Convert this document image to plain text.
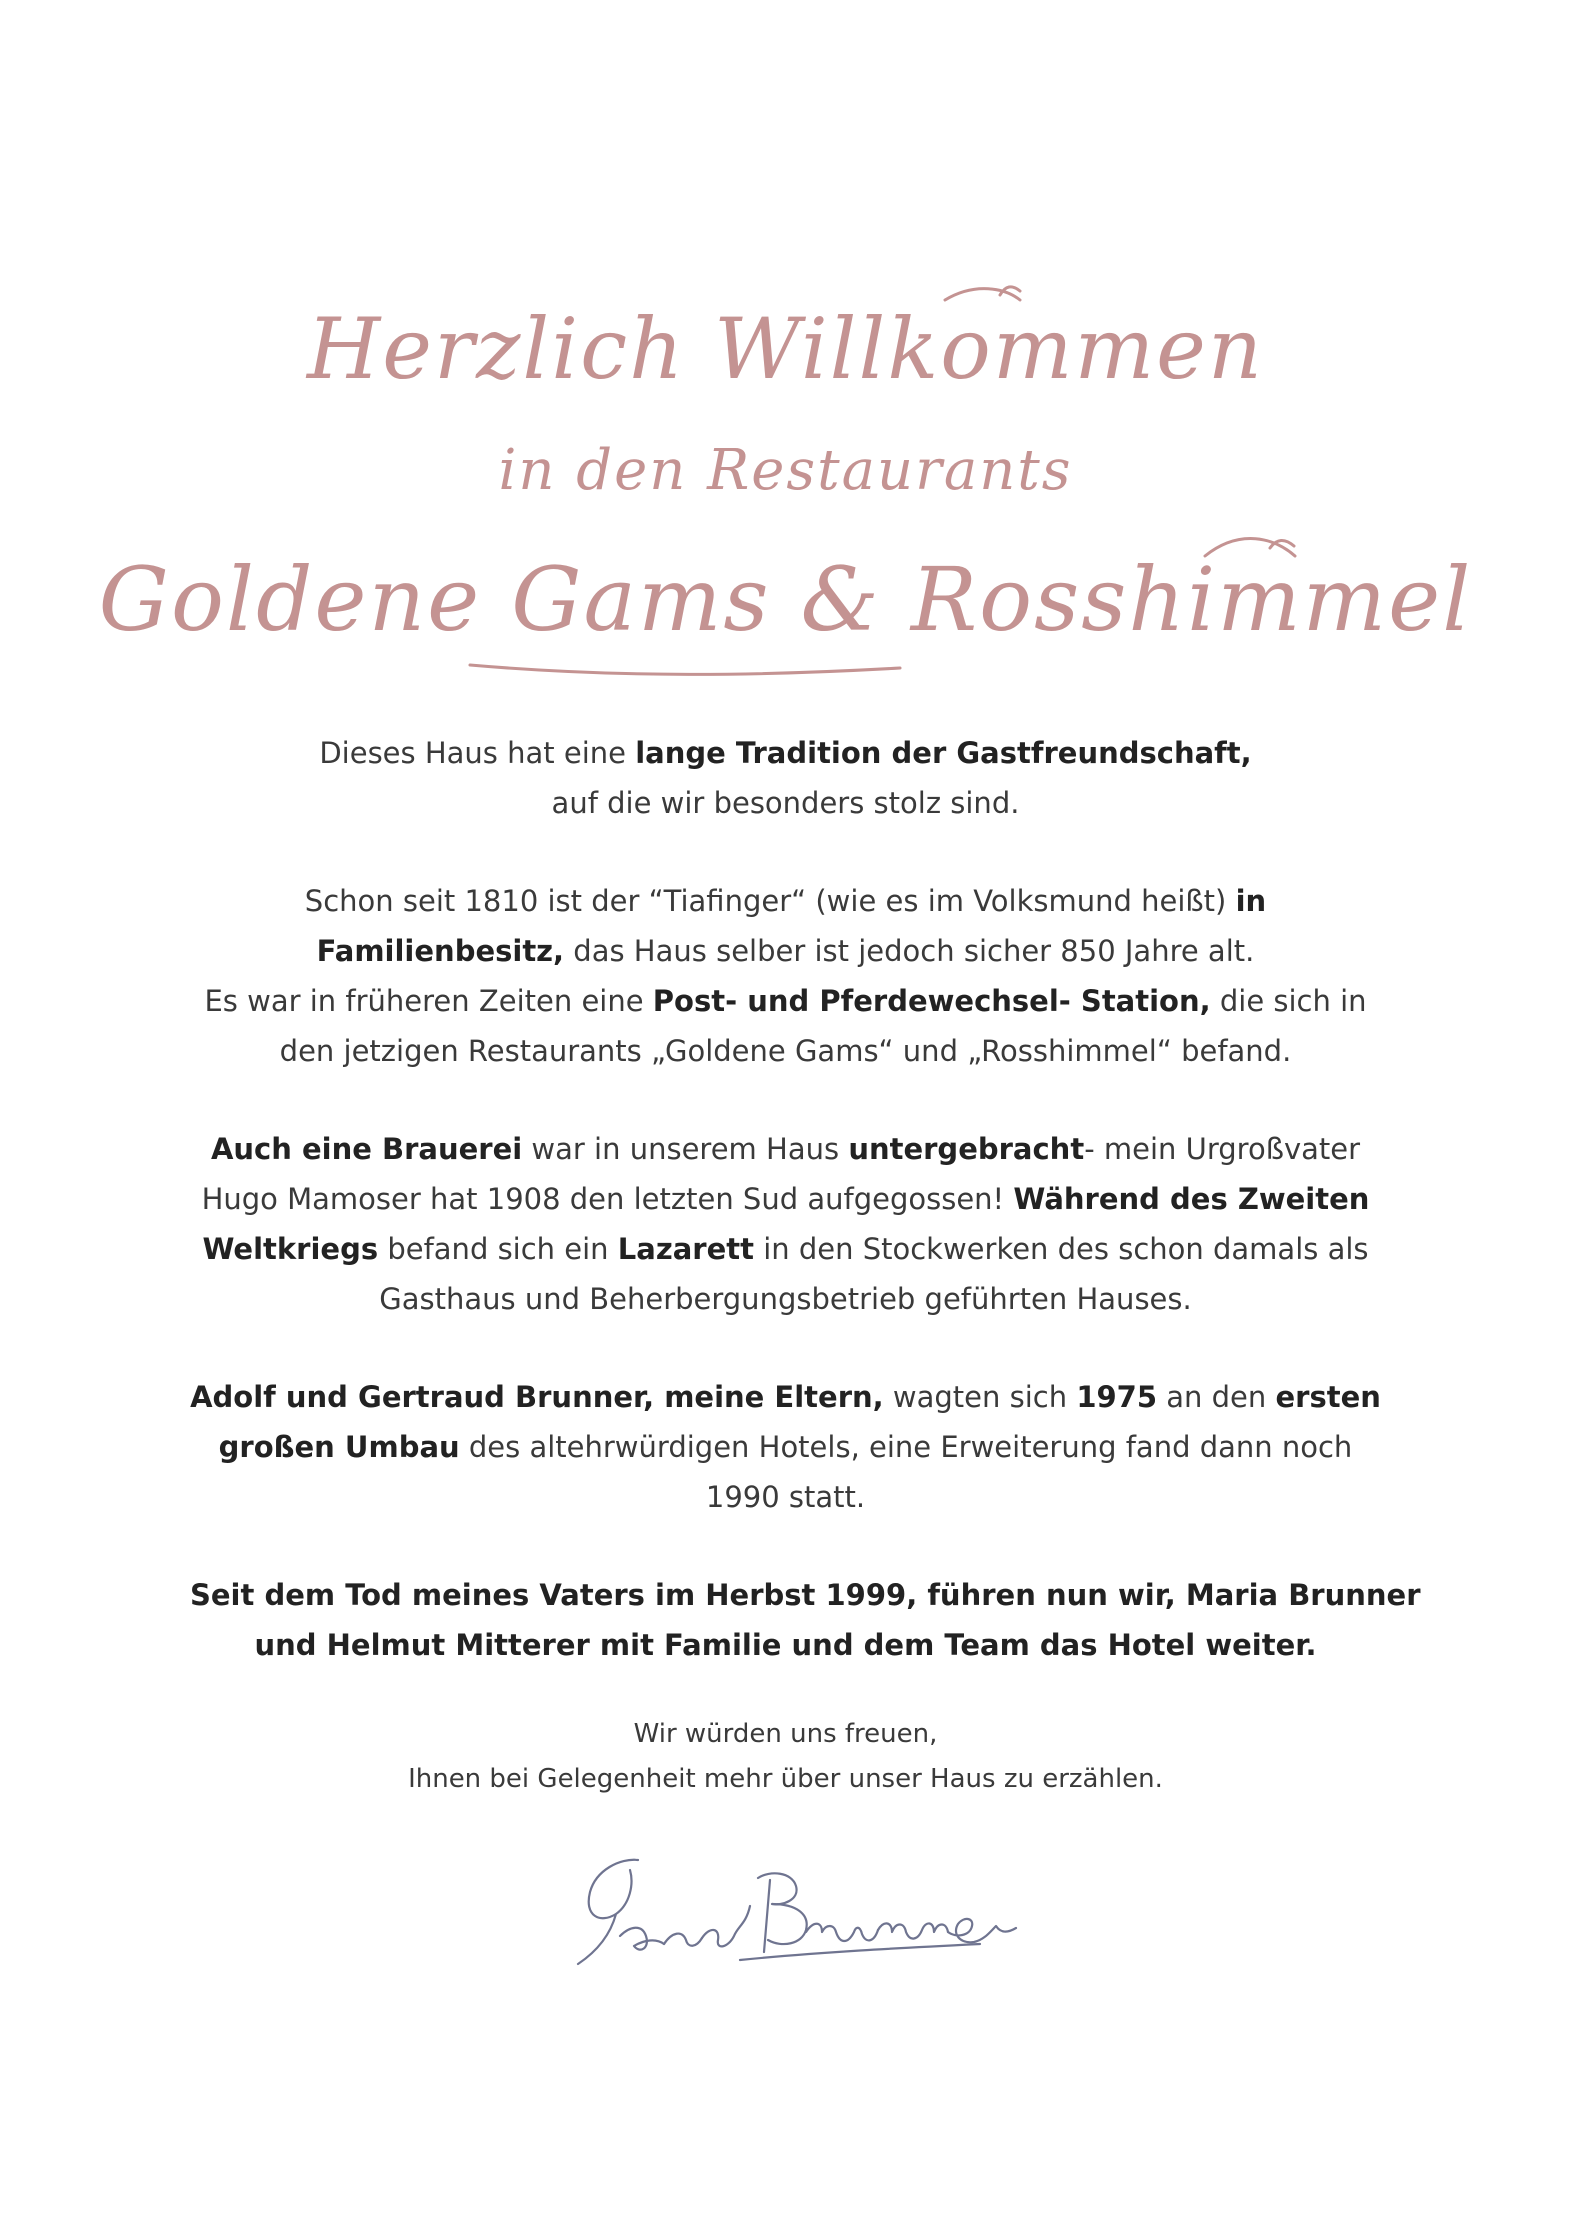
Herzlich Willkommen
in den Restaurants
Goldene Gams & Rosshimmel
Dieses Haus hat eine lange Tradition der Gastfreundschaft,
auf die wir besonders stolz sind.
Schon seit 1810 ist der “Tiafinger“ (wie es im Volksmund heißt) in
Familienbesitz, das Haus selber ist jedoch sicher 850 Jahre alt.
Es war in früheren Zeiten eine Post- und Pferdewechsel- Station, die sich in
den jetzigen Restaurants „Goldene Gams“ und „Rosshimmel“ befand.
Auch eine Brauerei war in unserem Haus untergebracht- mein Urgroßvater
Hugo Mamoser hat 1908 den letzten Sud aufgegossen! Während des Zweiten
Weltkriegs befand sich ein Lazarett in den Stockwerken des schon damals als
Gasthaus und Beherbergungsbetrieb geführten Hauses.
Adolf und Gertraud Brunner, meine Eltern, wagten sich 1975 an den ersten
großen Umbau des altehrwürdigen Hotels, eine Erweiterung fand dann noch
1990 statt.
Seit dem Tod meines Vaters im Herbst 1999, führen nun wir, Maria Brunner
und Helmut Mitterer mit Familie und dem Team das Hotel weiter.
Wir würden uns freuen,
Ihnen bei Gelegenheit mehr über unser Haus zu erzählen.
